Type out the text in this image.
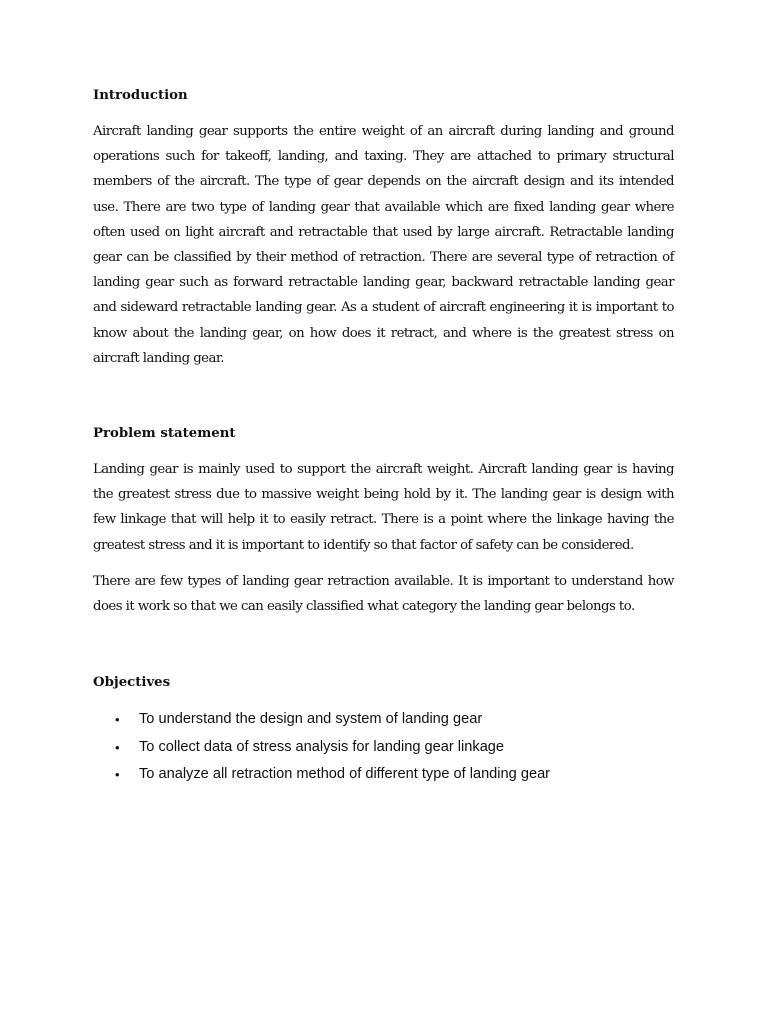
Introduction

Aircraft landing gear supports the entire weight of an aircraft during landing and ground operations such for takeoff, landing, and taxing. They are attached to primary structural members of the aircraft. The type of gear depends on the aircraft design and its intended use. There are two type of landing gear that available which are fixed landing gear where often used on light aircraft and retractable that used by large aircraft. Retractable landing gear can be classified by their method of retraction. There are several type of retraction of landing gear such as forward retractable landing gear, backward retractable landing gear and sideward retractable landing gear. As a student of aircraft engineering it is important to know about the landing gear, on how does it retract, and where is the greatest stress on aircraft landing gear.

Problem statement

Landing gear is mainly used to support the aircraft weight. Aircraft landing gear is having the greatest stress due to massive weight being hold by it. The landing gear is design with few linkage that will help it to easily retract. There is a point where the linkage having the greatest stress and it is important to identify so that factor of safety can be considered.

There are few types of landing gear retraction available. It is important to understand how does it work so that we can easily classified what category the landing gear belongs to.

Objectives
• To understand the design and system of landing gear
• To collect data of stress analysis for landing gear linkage
• To analyze all retraction method of different type of landing gear
